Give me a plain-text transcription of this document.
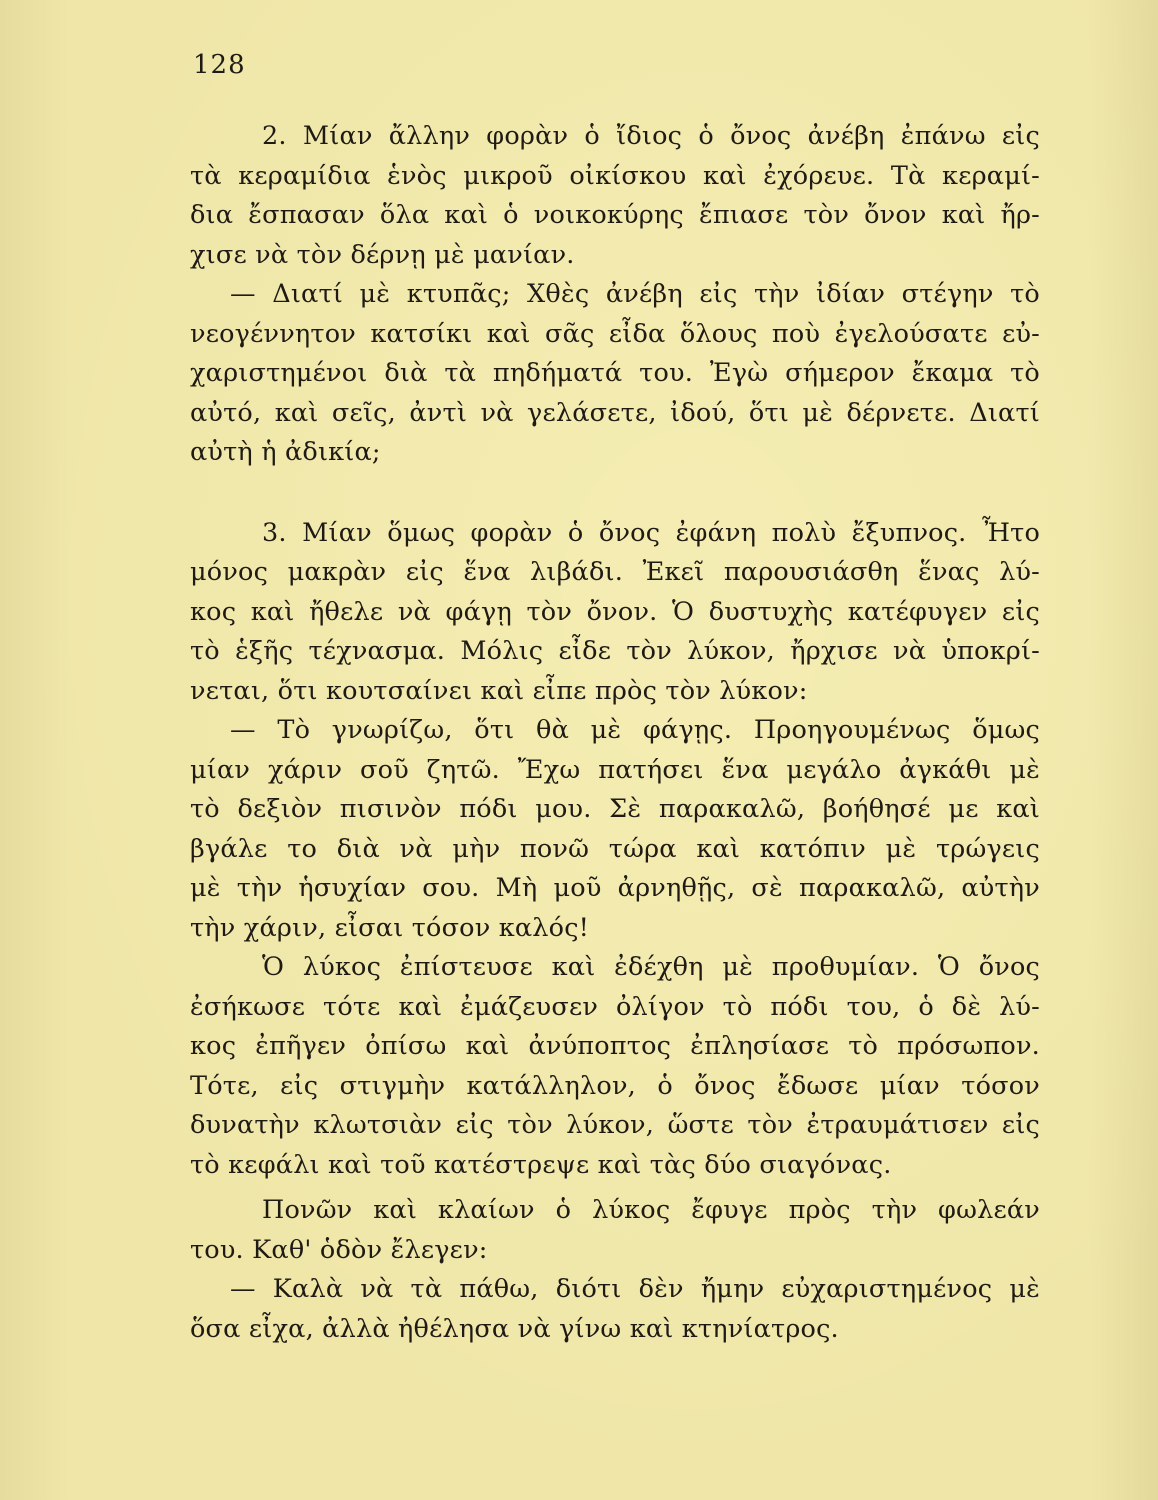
128
2. Μίαν ἄλλην φορὰν ὁ ἴδιος ὁ ὄνος ἀνέβη ἐπάνω εἰς
τὰ κεραμίδια ἑνὸς μικροῦ οἰκίσκου καὶ ἐχόρευε. Τὰ κεραμί-
δια ἔσπασαν ὅλα καὶ ὁ νοικοκύρης ἔπιασε τὸν ὄνον καὶ ἤρ-
χισε νὰ τὸν δέρνῃ μὲ μανίαν.
— Διατί μὲ κτυπᾶς; Χθὲς ἀνέβη εἰς τὴν ἰδίαν στέγην τὸ
νεογέννητον κατσίκι καὶ σᾶς εἶδα ὅλους ποὺ ἐγελούσατε εὐ-
χαριστημένοι διὰ τὰ πηδήματά του. Ἐγὼ σήμερον ἔκαμα τὸ
αὐτό, καὶ σεῖς, ἀντὶ νὰ γελάσετε, ἰδού, ὅτι μὲ δέρνετε. Διατί
αὐτὴ ἡ ἀδικία;
3. Μίαν ὅμως φορὰν ὁ ὄνος ἐφάνη πολὺ ἔξυπνος. Ἦτο
μόνος μακρὰν εἰς ἕνα λιβάδι. Ἐκεῖ παρουσιάσθη ἕνας λύ-
κος καὶ ἤθελε νὰ φάγῃ τὸν ὄνον. Ὁ δυστυχὴς κατέφυγεν εἰς
τὸ ἑξῆς τέχνασμα. Μόλις εἶδε τὸν λύκον, ἤρχισε νὰ ὑποκρί-
νεται, ὅτι κουτσαίνει καὶ εἶπε πρὸς τὸν λύκον:
— Τὸ γνωρίζω, ὅτι θὰ μὲ φάγῃς. Προηγουμένως ὅμως
μίαν χάριν σοῦ ζητῶ. Ἔχω πατήσει ἕνα μεγάλο ἀγκάθι μὲ
τὸ δεξιὸν πισινὸν πόδι μου. Σὲ παρακαλῶ, βοήθησέ με καὶ
βγάλε το διὰ νὰ μὴν πονῶ τώρα καὶ κατόπιν μὲ τρώγεις
μὲ τὴν ἡσυχίαν σου. Μὴ μοῦ ἀρνηθῇς, σὲ παρακαλῶ, αὐτὴν
τὴν χάριν, εἶσαι τόσον καλός!
Ὁ λύκος ἐπίστευσε καὶ ἐδέχθη μὲ προθυμίαν. Ὁ ὄνος
ἐσήκωσε τότε καὶ ἐμάζευσεν ὀλίγον τὸ πόδι του, ὁ δὲ λύ-
κος ἐπῆγεν ὀπίσω καὶ ἀνύποπτος ἐπλησίασε τὸ πρόσωπον.
Τότε, εἰς στιγμὴν κατάλληλον, ὁ ὄνος ἔδωσε μίαν τόσον
δυνατὴν κλωτσιὰν εἰς τὸν λύκον, ὥστε τὸν ἐτραυμάτισεν εἰς
τὸ κεφάλι καὶ τοῦ κατέστρεψε καὶ τὰς δύο σιαγόνας.
Πονῶν καὶ κλαίων ὁ λύκος ἔφυγε πρὸς τὴν φωλεάν
του. Καθ' ὁδὸν ἔλεγεν:
— Καλὰ νὰ τὰ πάθω, διότι δὲν ἤμην εὐχαριστημένος μὲ
ὅσα εἶχα, ἀλλὰ ἠθέλησα νὰ γίνω καὶ κτηνίατρος.
